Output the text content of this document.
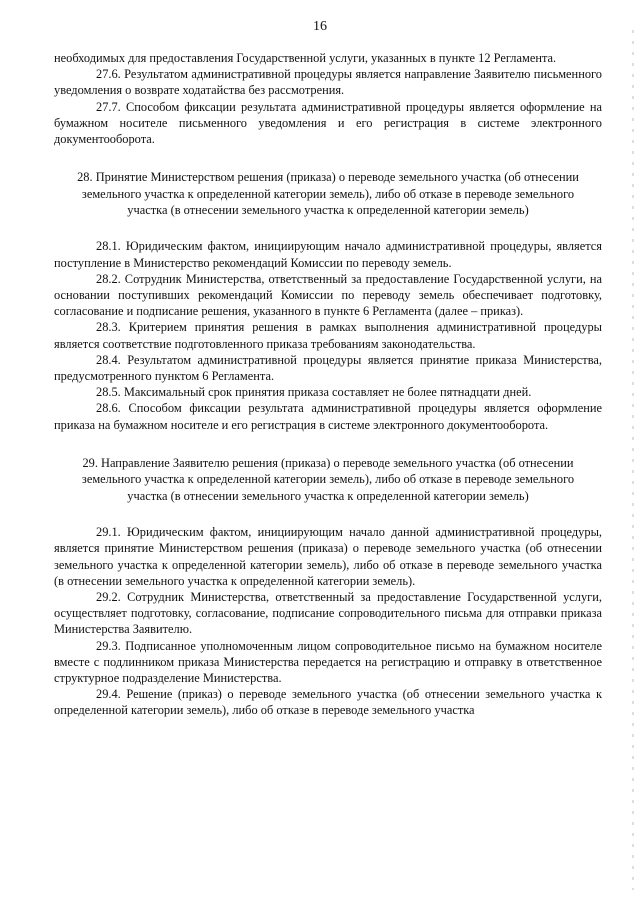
16

необходимых для предоставления Государственной услуги, указанных в пункте 12 Регламента.

27.6. Результатом административной процедуры является направление Заявителю письменного уведомления о возврате ходатайства без рассмотрения.

27.7. Способом фиксации результата административной процедуры является оформление на бумажном носителе письменного уведомления и его регистрация в системе электронного документооборота.

28. Принятие Министерством решения (приказа) о переводе земельного участка (об отнесении земельного участка к определенной категории земель), либо об отказе в переводе земельного участка (в отнесении земельного участка к определенной категории земель)

28.1. Юридическим фактом, инициирующим начало административной процедуры, является поступление в Министерство рекомендаций Комиссии по переводу земель.

28.2. Сотрудник Министерства, ответственный за предоставление Государственной услуги, на основании поступивших рекомендаций Комиссии по переводу земель обеспечивает подготовку, согласование и подписание решения, указанного в пункте 6 Регламента (далее – приказ).

28.3. Критерием принятия решения в рамках выполнения административной процедуры является соответствие подготовленного приказа требованиям законодательства.

28.4. Результатом административной процедуры является принятие приказа Министерства, предусмотренного пунктом 6 Регламента.

28.5. Максимальный срок принятия приказа составляет не более пятнадцати дней.

28.6. Способом фиксации результата административной процедуры является оформление приказа на бумажном носителе и его регистрация в системе электронного документооборота.

29. Направление Заявителю решения (приказа) о переводе земельного участка (об отнесении земельного участка к определенной категории земель), либо об отказе в переводе земельного участка (в отнесении земельного участка к определенной категории земель)

29.1. Юридическим фактом, инициирующим начало данной административной процедуры, является принятие Министерством решения (приказа) о переводе земельного участка (об отнесении земельного участка к определенной категории земель), либо об отказе в переводе земельного участка (в отнесении земельного участка к определенной категории земель).

29.2. Сотрудник Министерства, ответственный за предоставление Государственной услуги, осуществляет подготовку, согласование, подписание сопроводительного письма для отправки приказа Министерства Заявителю.

29.3. Подписанное уполномоченным лицом сопроводительное письмо на бумажном носителе вместе с подлинником приказа Министерства передается на регистрацию и отправку в ответственное структурное подразделение Министерства.

29.4. Решение (приказ) о переводе земельного участка (об отнесении земельного участка к определенной категории земель), либо об отказе в переводе земельного участка
